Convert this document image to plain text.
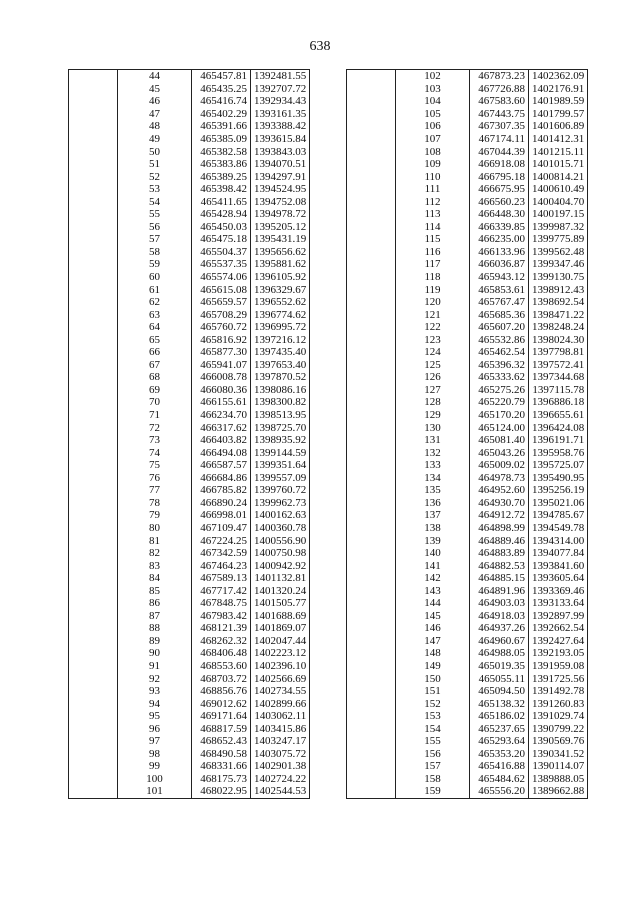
638
	44	465457.81	1392481.55
	45	465435.25	1392707.72
	46	465416.74	1392934.43
	47	465402.29	1393161.35
	48	465391.66	1393388.42
	49	465385.09	1393615.84
	50	465382.58	1393843.03
	51	465383.86	1394070.51
	52	465389.25	1394297.91
	53	465398.42	1394524.95
	54	465411.65	1394752.08
	55	465428.94	1394978.72
	56	465450.03	1395205.12
	57	465475.18	1395431.19
	58	465504.37	1395656.62
	59	465537.35	1395881.62
	60	465574.06	1396105.92
	61	465615.08	1396329.67
	62	465659.57	1396552.62
	63	465708.29	1396774.62
	64	465760.72	1396995.72
	65	465816.92	1397216.12
	66	465877.30	1397435.40
	67	465941.07	1397653.40
	68	466008.78	1397870.52
	69	466080.36	1398086.16
	70	466155.61	1398300.82
	71	466234.70	1398513.95
	72	466317.62	1398725.70
	73	466403.82	1398935.92
	74	466494.08	1399144.59
	75	466587.57	1399351.64
	76	466684.86	1399557.09
	77	466785.82	1399760.72
	78	466890.24	1399962.73
	79	466998.01	1400162.63
	80	467109.47	1400360.78
	81	467224.25	1400556.90
	82	467342.59	1400750.98
	83	467464.23	1400942.92
	84	467589.13	1401132.81
	85	467717.42	1401320.24
	86	467848.75	1401505.77
	87	467983.42	1401688.69
	88	468121.39	1401869.07
	89	468262.32	1402047.44
	90	468406.48	1402223.12
	91	468553.60	1402396.10
	92	468703.72	1402566.69
	93	468856.76	1402734.55
	94	469012.62	1402899.66
	95	469171.64	1403062.11
	96	468817.59	1403415.86
	97	468652.43	1403247.17
	98	468490.58	1403075.72
	99	468331.66	1402901.38
	100	468175.73	1402724.22
	101	468022.95	1402544.53
	102	467873.23	1402362.09
	103	467726.88	1402176.91
	104	467583.60	1401989.59
	105	467443.75	1401799.57
	106	467307.35	1401606.89
	107	467174.11	1401412.31
	108	467044.39	1401215.11
	109	466918.08	1401015.71
	110	466795.18	1400814.21
	111	466675.95	1400610.49
	112	466560.23	1400404.70
	113	466448.30	1400197.15
	114	466339.85	1399987.32
	115	466235.00	1399775.89
	116	466133.96	1399562.48
	117	466036.87	1399347.46
	118	465943.12	1399130.75
	119	465853.61	1398912.43
	120	465767.47	1398692.54
	121	465685.36	1398471.22
	122	465607.20	1398248.24
	123	465532.86	1398024.30
	124	465462.54	1397798.81
	125	465396.32	1397572.41
	126	465333.62	1397344.68
	127	465275.26	1397115.78
	128	465220.79	1396886.18
	129	465170.20	1396655.61
	130	465124.00	1396424.08
	131	465081.40	1396191.71
	132	465043.26	1395958.76
	133	465009.02	1395725.07
	134	464978.73	1395490.95
	135	464952.60	1395256.19
	136	464930.70	1395021.06
	137	464912.72	1394785.67
	138	464898.99	1394549.78
	139	464889.46	1394314.00
	140	464883.89	1394077.84
	141	464882.53	1393841.60
	142	464885.15	1393605.64
	143	464891.96	1393369.46
	144	464903.03	1393133.64
	145	464918.03	1392897.99
	146	464937.26	1392662.54
	147	464960.67	1392427.64
	148	464988.05	1392193.05
	149	465019.35	1391959.08
	150	465055.11	1391725.56
	151	465094.50	1391492.78
	152	465138.32	1391260.83
	153	465186.02	1391029.74
	154	465237.65	1390799.22
	155	465293.64	1390569.76
	156	465353.20	1390341.52
	157	465416.88	1390114.07
	158	465484.62	1389888.05
	159	465556.20	1389662.88
